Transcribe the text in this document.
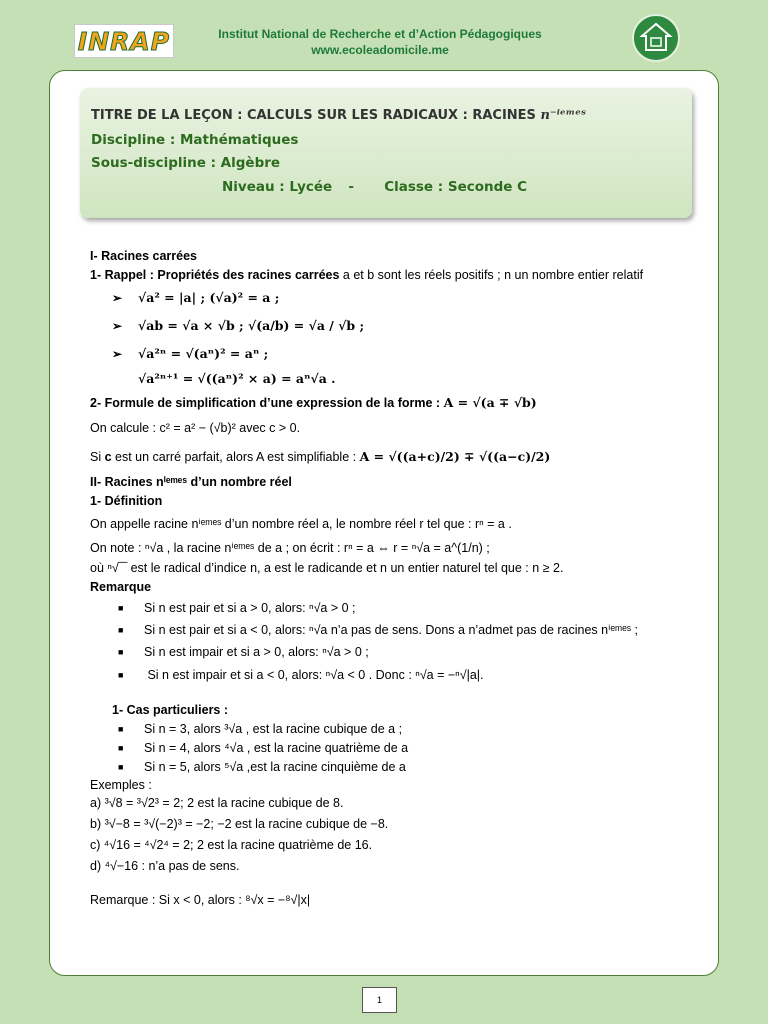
INRAP	Institut National de Recherche et d’Action Pédagogiques
www.ecoleadomicile.me
TITRE DE LA LEÇON : CALCULS SUR LES RADICAUX : RACINES n⁻ⁱᵉᵐᵉˢ
Discipline : Mathématiques
Sous-discipline : Algèbre
Niveau : Lycée - Classe : Seconde C
I- Racines carrées
1- Rappel : Propriétés des racines carrées a et b sont les réels positifs ; n un nombre entier relatif
➢ √a² = |a| ; (√a)² = a ;
➢ √ab = √a × √b ; √(a/b) = √a / √b ;
➢ √a²ⁿ = √(aⁿ)² = aⁿ ;
√a²ⁿ⁺¹ = √((aⁿ)² × a) = aⁿ√a .
2- Formule de simplification d’une expression de la forme : A = √(a ∓ √b)
On calcule : c² = a² − (√b)² avec c > 0.
Si c est un carré parfait, alors A est simplifiable : A = √((a+c)/2) ∓ √((a−c)/2)
II- Racines nⁱᵉᵐᵉˢ d’un nombre réel
1- Définition
On appelle racine nⁱᵉᵐᵉˢ d’un nombre réel a, le nombre réel r tel que : rⁿ = a .
On note : ⁿ√a , la racine nⁱᵉᵐᵉˢ de a ; on écrit : rⁿ = a ⇔ r = ⁿ√a = a^(1/n) ;
où ⁿ√‾‾ est le radical d’indice n, a est le radicande et n un entier naturel tel que : n ≥ 2.
Remarque
■ Si n est pair et si a > 0, alors: ⁿ√a > 0 ;
■ Si n est pair et si a < 0, alors: ⁿ√a n’a pas de sens. Dons a n’admet pas de racines nⁱᵉᵐᵉˢ ;
■ Si n est impair et si a > 0, alors: ⁿ√a > 0 ;
■ Si n est impair et si a < 0, alors: ⁿ√a < 0 . Donc : ⁿ√a = −ⁿ√|a|.
1- Cas particuliers :
■ Si n = 3, alors ³√a , est la racine cubique de a ;
■ Si n = 4, alors ⁴√a , est la racine quatrième de a
■ Si n = 5, alors ⁵√a ,est la racine cinquième de a
Exemples :
a) ³√8 = ³√2³ = 2; 2 est la racine cubique de 8.
b) ³√−8 = ³√(−2)³ = −2; −2 est la racine cubique de −8.
c) ⁴√16 = ⁴√2⁴ = 2; 2 est la racine quatrième de 16.
d) ⁴√−16 : n’a pas de sens.
Remarque : Si x < 0, alors : ⁸√x = −⁸√|x|
1
